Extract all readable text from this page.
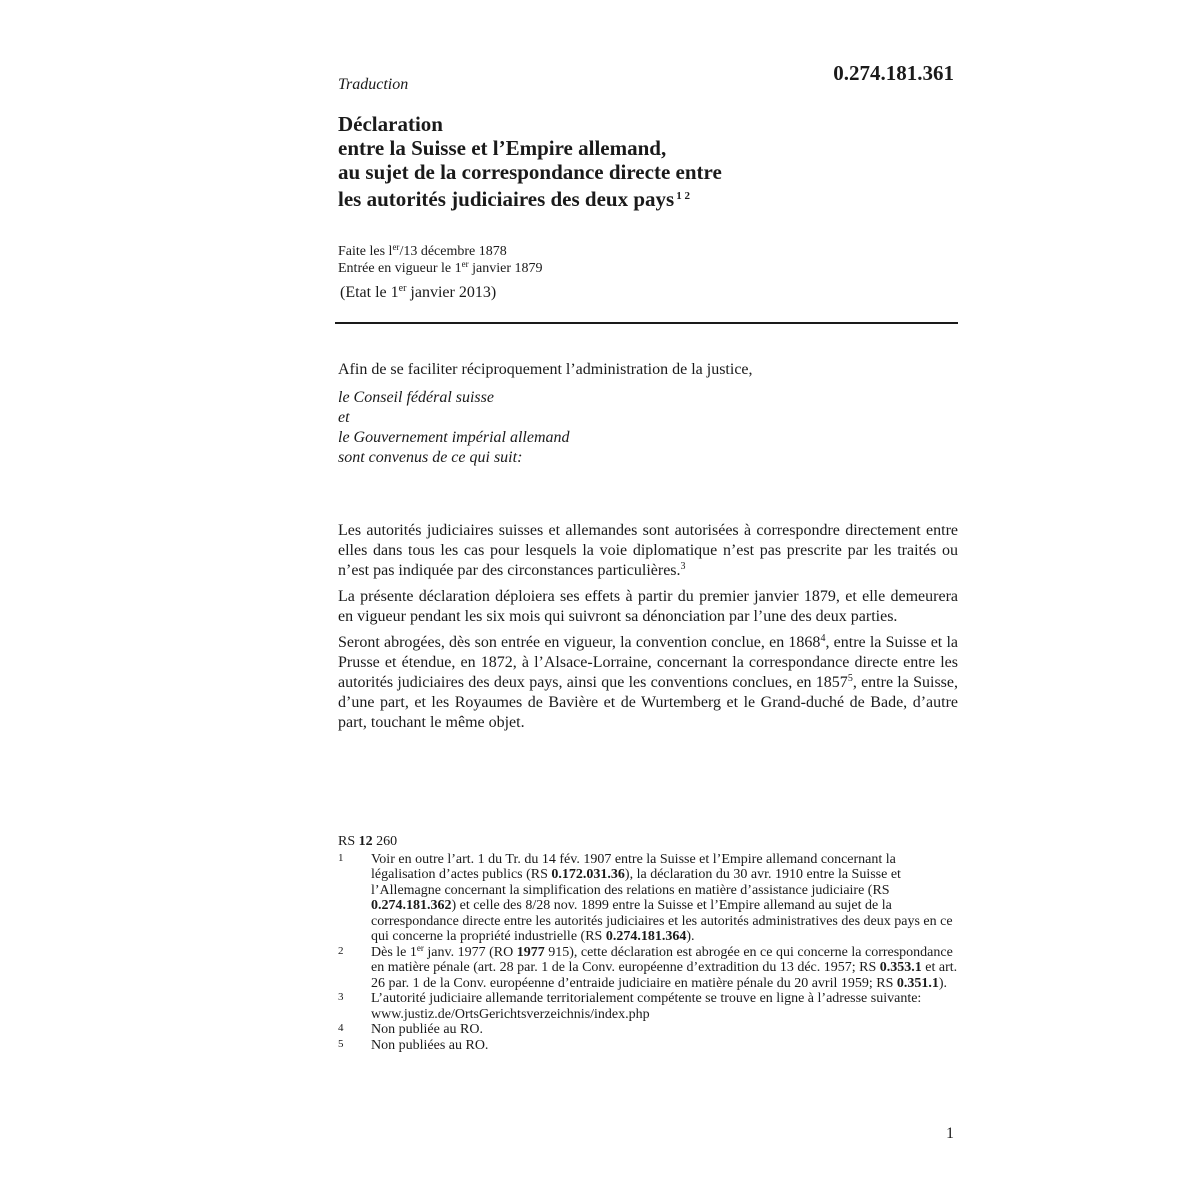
0.274.181.361
Traduction
Déclaration
entre la Suisse et l’Empire allemand,
au sujet de la correspondance directe entre
les autorités judiciaires des deux pays $^{1 2}$
Faite les $l^{er}/13$ décembre 1878
Entrée en vigueur le 1er janvier 1879
(Etat le 1er janvier 2013)
Afin de se faciliter réciproquement l’administration de la justice,
le Conseil fédéral suisse
et
le Gouvernement impérial allemand
sont convenus de ce qui suit:

Les autorités judiciaires suisses et allemandes sont autorisées à correspondre directement entre elles dans tous les cas pour lesquels la voie diplomatique n’est pas prescrite par les traités ou n’est pas indiquée par des circonstances particulières.$^3$

La présente déclaration déploiera ses effets à partir du premier janvier 1879, et elle demeurera en vigueur pendant les six mois qui suivront sa dénonciation par l’une des deux parties.

Seront abrogées, dès son entrée en vigueur, la convention conclue, en 1868$^4$, entre la Suisse et la Prusse et étendue, en 1872, à l’Alsace-Lorraine, concernant la correspondance directe entre les autorités judiciaires des deux pays, ainsi que les conventions conclues, en 1857$^5$, entre la Suisse, d’une part, et les Royaumes de Bavière et de Wurtemberg et le Grand-duché de Bade, d’autre part, touchant le même objet.

RS 12 260
1	Voir en outre l’art. 1 du Tr. du 14 fév. 1907 entre la Suisse et l’Empire allemand concernant la légalisation d’actes publics (RS 0.172.031.36), la déclaration du 30 avr. 1910 entre la Suisse et l’Allemagne concernant la simplification des relations en matière d’assistance judiciaire (RS 0.274.181.362) et celle des 8/28 nov. 1899 entre la Suisse et l’Empire allemand au sujet de la correspondance directe entre les autorités judiciaires et les autorités administratives des deux pays en ce qui concerne la propriété industrielle (RS 0.274.181.364).
2	Dès le 1er janv. 1977 (RO 1977 915), cette déclaration est abrogée en ce qui concerne la correspondance en matière pénale (art. 28 par. 1 de la Conv. européenne d’extradition du 13 déc. 1957; RS 0.353.1 et art. 26 par. 1 de la Conv. européenne d’entraide judiciaire en matière pénale du 20 avril 1959; RS 0.351.1).
3	L’autorité judiciaire allemande territorialement compétente se trouve en ligne à l’adresse suivante: www.justiz.de/OrtsGerichtsverzeichnis/index.php
4	Non publiée au RO.
5	Non publiées au RO.
1
